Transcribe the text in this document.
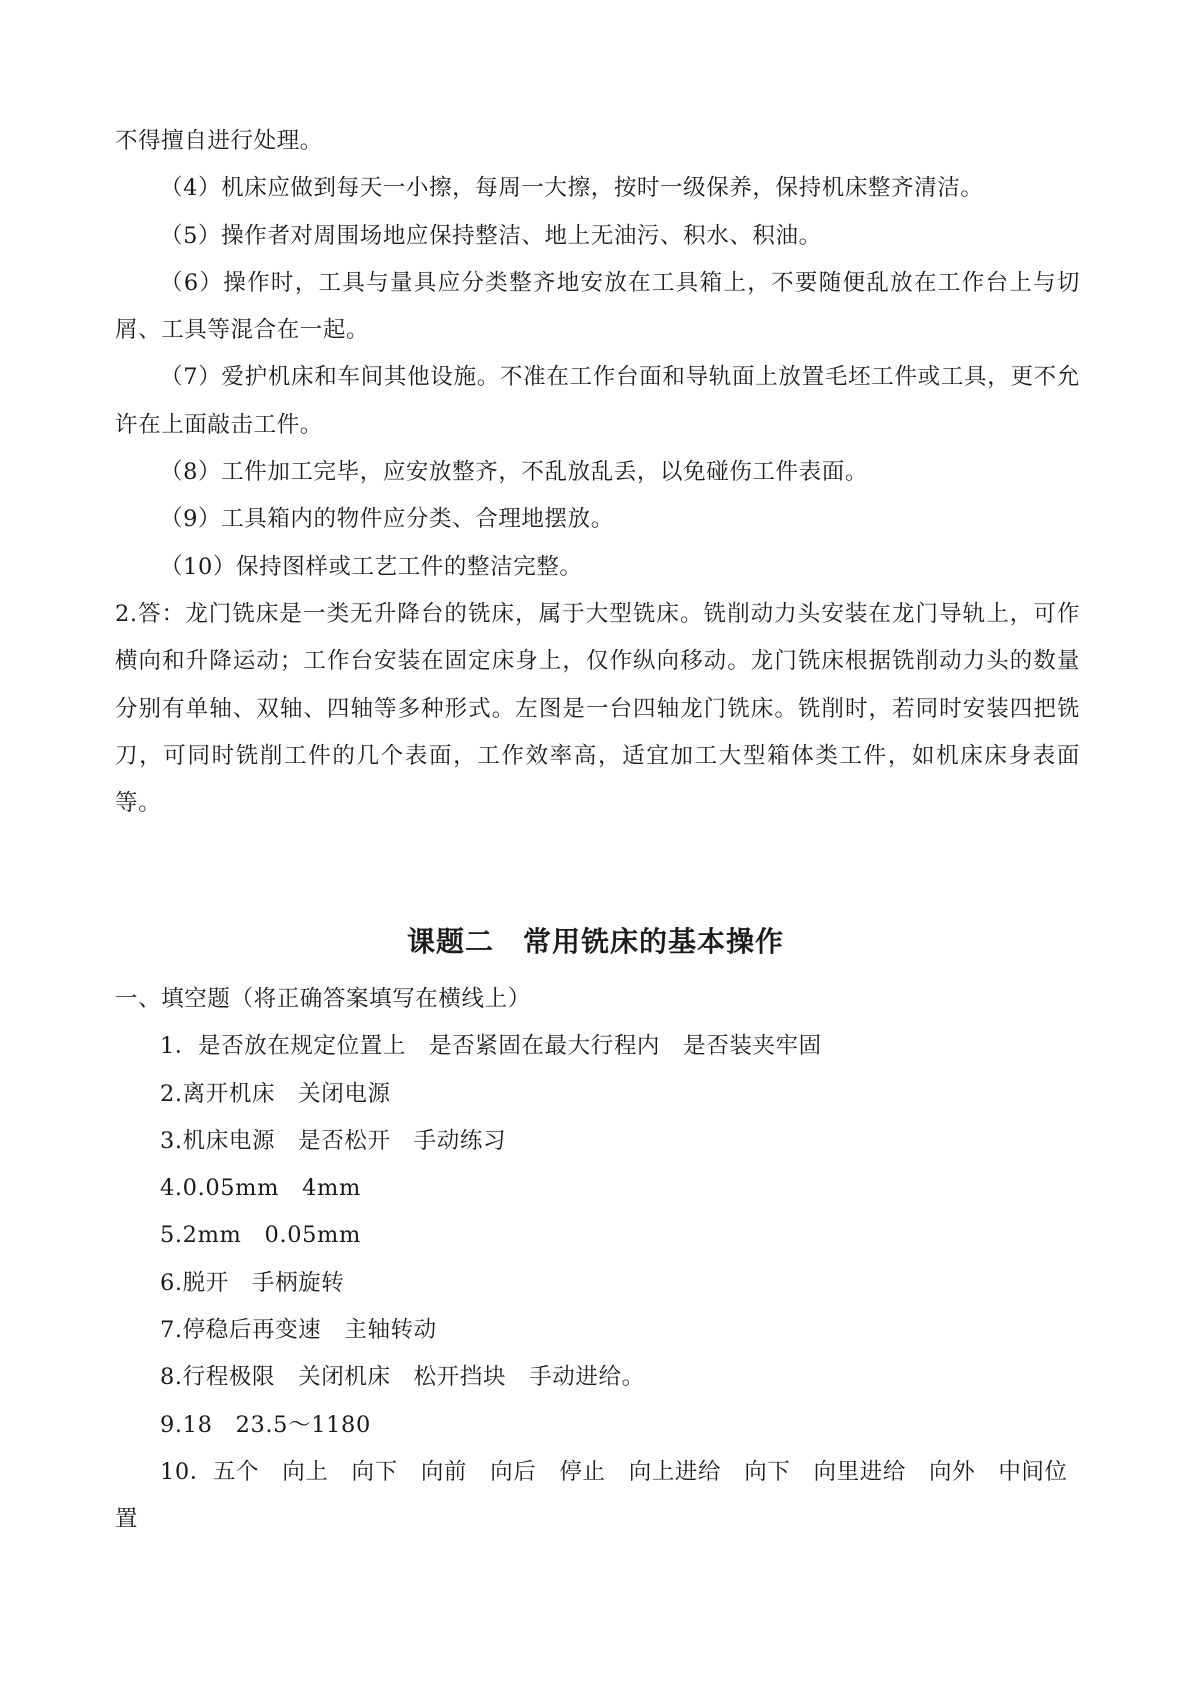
不得擅自进行处理。

（4）机床应做到每天一小擦，每周一大擦，按时一级保养，保持机床整齐清洁。

（5）操作者对周围场地应保持整洁、地上无油污、积水、积油。

（6）操作时，工具与量具应分类整齐地安放在工具箱上，不要随便乱放在工作台上与切屑、工具等混合在一起。

（7）爱护机床和车间其他设施。不准在工作台面和导轨面上放置毛坯工件或工具，更不允许在上面敲击工件。

（8）工件加工完毕，应安放整齐，不乱放乱丢，以免碰伤工件表面。

（9）工具箱内的物件应分类、合理地摆放。

（10）保持图样或工艺工件的整洁完整。

2.答：龙门铣床是一类无升降台的铣床，属于大型铣床。铣削动力头安装在龙门导轨上，可作横向和升降运动；工作台安装在固定床身上，仅作纵向移动。龙门铣床根据铣削动力头的数量分别有单轴、双轴、四轴等多种形式。左图是一台四轴龙门铣床。铣削时，若同时安装四把铣刀，可同时铣削工件的几个表面，工作效率高，适宜加工大型箱体类工件，如机床床身表面等。

课题二　常用铣床的基本操作

一、填空题（将正确答案填写在横线上）

1．是否放在规定位置上　是否紧固在最大行程内　是否装夹牢固

2.离开机床　关闭电源

3.机床电源　是否松开　手动练习

4.0.05mm　4mm

5.2mm　0.05mm

6.脱开　手柄旋转

7.停稳后再变速　主轴转动

8.行程极限　关闭机床　松开挡块　手动进给。

9.18　23.5～1180

10．五个　向上　向下　向前　向后　停止　向上进给　向下　向里进给　向外　中间位置
